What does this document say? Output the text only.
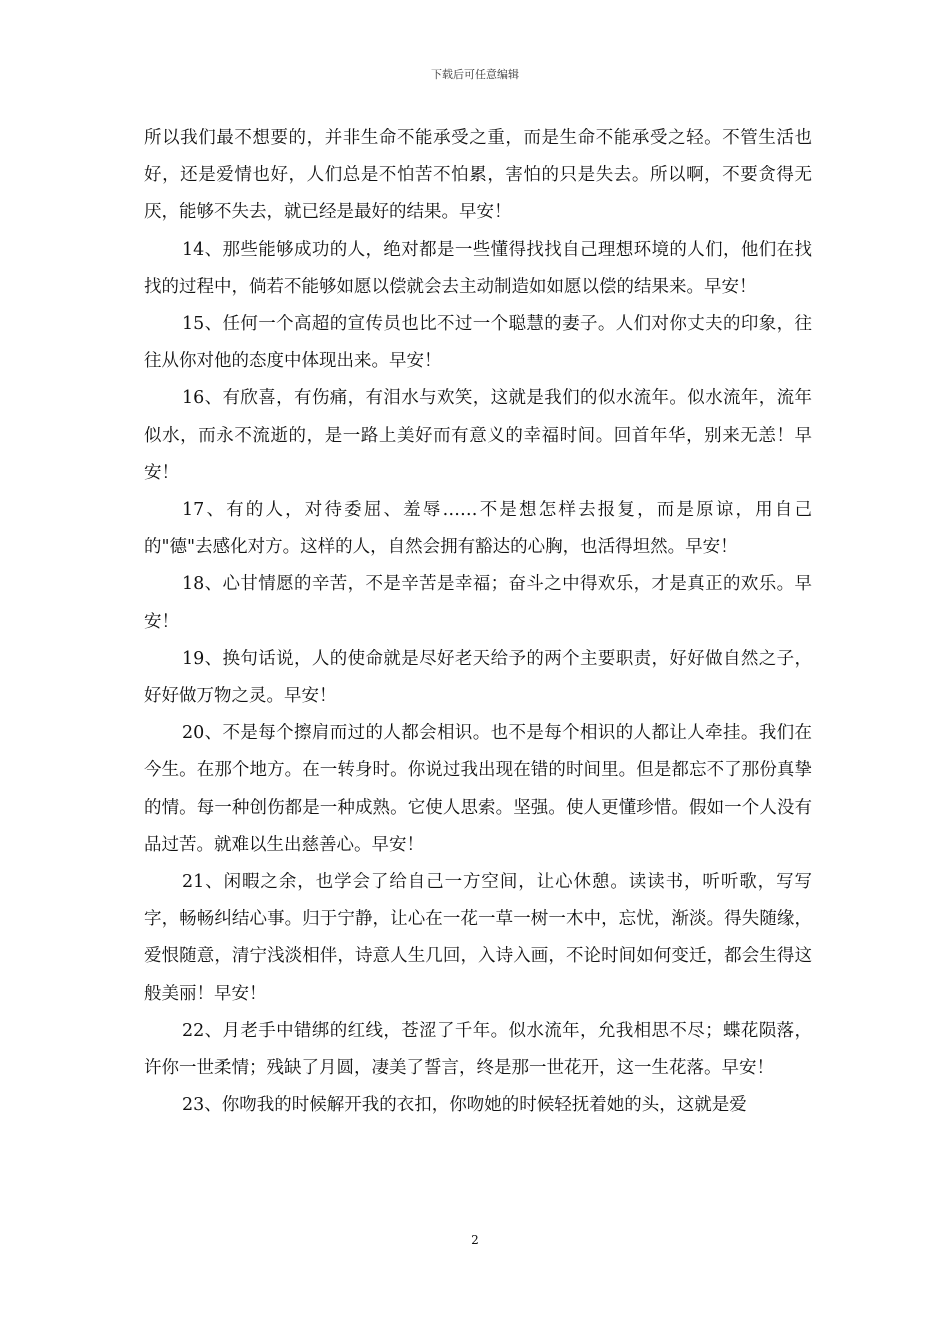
下载后可任意编辑

所以我们最不想要的，并非生命不能承受之重，而是生命不能承受之轻。不管生活也好，还是爱情也好，人们总是不怕苦不怕累，害怕的只是失去。所以啊，不要贪得无厌，能够不失去，就已经是最好的结果。早安！

14、那些能够成功的人，绝对都是一些懂得找找自己理想环境的人们，他们在找找的过程中，倘若不能够如愿以偿就会去主动制造如如愿以偿的结果来。早安！

15、任何一个高超的宣传员也比不过一个聪慧的妻子。人们对你丈夫的印象，往往从你对他的态度中体现出来。早安！

16、有欣喜，有伤痛，有泪水与欢笑，这就是我们的似水流年。似水流年，流年似水，而永不流逝的，是一路上美好而有意义的幸福时间。回首年华，别来无恙！早安！

17、有的人，对待委屈、羞辱……不是想怎样去报复，而是原谅，用自己的"德"去感化对方。这样的人，自然会拥有豁达的心胸，也活得坦然。早安！

18、心甘情愿的辛苦，不是辛苦是幸福；奋斗之中得欢乐，才是真正的欢乐。早安！

19、换句话说，人的使命就是尽好老天给予的两个主要职责，好好做自然之子，好好做万物之灵。早安！

20、不是每个擦肩而过的人都会相识。也不是每个相识的人都让人牵挂。我们在今生。在那个地方。在一转身时。你说过我出现在错的时间里。但是都忘不了那份真挚的情。每一种创伤都是一种成熟。它使人思索。坚强。使人更懂珍惜。假如一个人没有品过苦。就难以生出慈善心。早安！

21、闲暇之余，也学会了给自己一方空间，让心休憩。读读书，听听歌，写写字，畅畅纠结心事。归于宁静，让心在一花一草一树一木中，忘忧，渐淡。得失随缘，爱恨随意，清宁浅淡相伴，诗意人生几回，入诗入画，不论时间如何变迁，都会生得这般美丽！早安！

22、月老手中错绑的红线，苍涩了千年。似水流年，允我相思不尽；蝶花陨落，许你一世柔情；残缺了月圆，凄美了誓言，终是那一世花开，这一生花落。早安！

23、你吻我的时候解开我的衣扣，你吻她的时候轻抚着她的头，这就是爱

2
